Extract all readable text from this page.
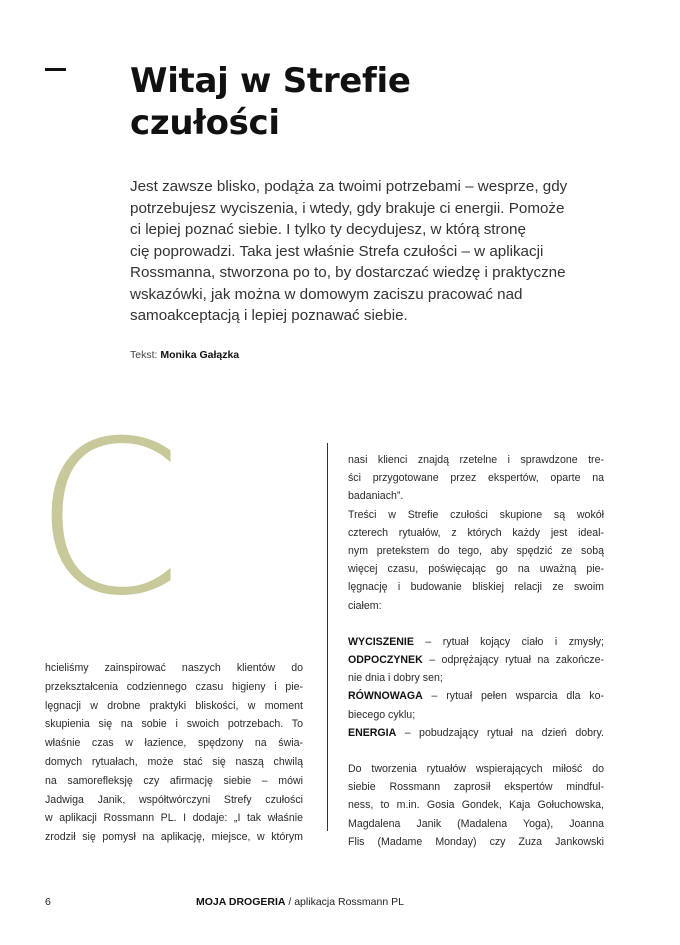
Witaj w Strefie
czułości

Jest zawsze blisko, podąża za twoimi potrzebami – wesprze, gdy
potrzebujesz wyciszenia, i wtedy, gdy brakuje ci energii. Pomoże
ci lepiej poznać siebie. I tylko ty decydujesz, w którą stronę
cię poprowadzi. Taka jest właśnie Strefa czułości – w aplikacji
Rossmanna, stworzona po to, by dostarczać wiedzę i praktyczne
wskazówki, jak można w domowym zaciszu pracować nad
samoakceptacją i lepiej poznawać siebie.

Tekst: Monika Gałązka
C

hcieliśmy zainspirować naszych klientów do
przekształcenia codziennego czasu higieny i pie-
lęgnacji w drobne praktyki bliskości, w moment
skupienia się na sobie i swoich potrzebach. To
właśnie czas w łazience, spędzony na świa-
domych rytuałach, może stać się naszą chwilą
na samorefleksję czy afirmację siebie – mówi
Jadwiga Janik, współtwórczyni Strefy czułości
w aplikacji Rossmann PL. I dodaje: „I tak właśnie
zrodził się pomysł na aplikację, miejsce, w którym

nasi klienci znajdą rzetelne i sprawdzone tre-
ści przygotowane przez ekspertów, oparte na
badaniach”.
Treści w Strefie czułości skupione są wokół
czterech rytuałów, z których każdy jest ideal-
nym pretekstem do tego, aby spędzić ze sobą
więcej czasu, poświęcając go na uważną pie-
lęgnację i budowanie bliskiej relacji ze swoim
ciałem:
WYCISZENIE – rytuał kojący ciało i zmysły;
ODPOCZYNEK – odprężający rytuał na zakończe-
nie dnia i dobry sen;
RÓWNOWAGA – rytuał pełen wsparcia dla ko-
biecego cyklu;
ENERGIA – pobudzający rytuał na dzień dobry.
Do tworzenia rytuałów wspierających miłość do
siebie Rossmann zaprosił ekspertów mindful-
ness, to m.in. Gosia Gondek, Kaja Gołuchowska,
Magdalena Janik (Madalena Yoga), Joanna
Flis (Madame Monday) czy Zuza Jankowski
6	MOJA DROGERIA / aplikacja Rossmann PL
